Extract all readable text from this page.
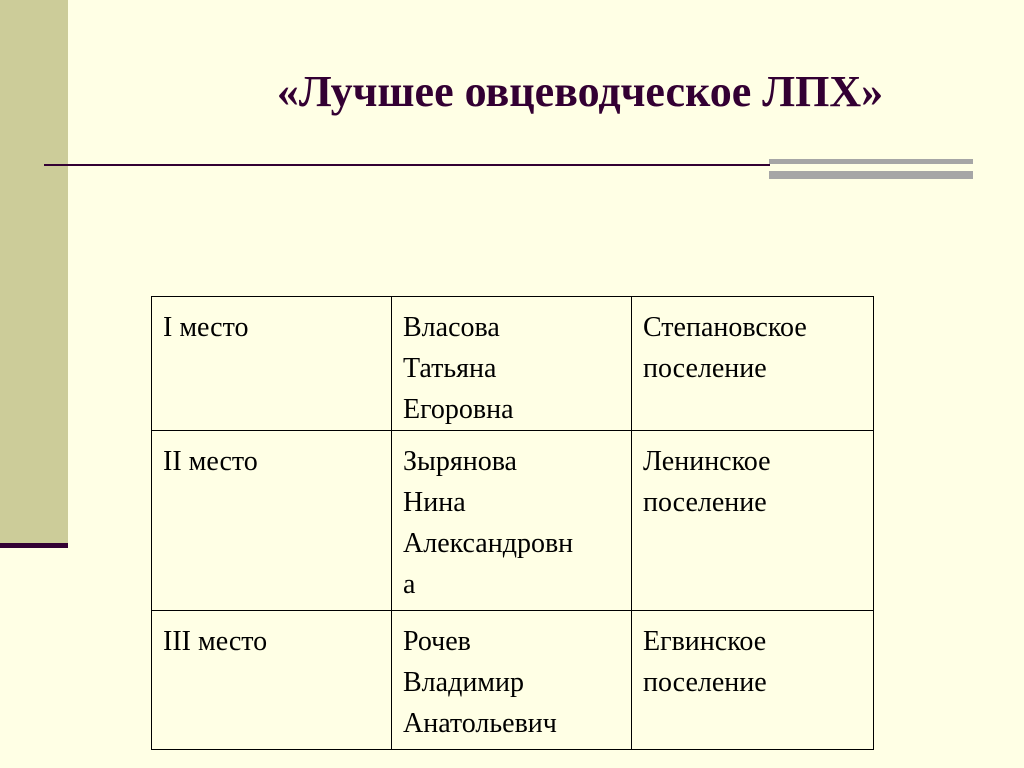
«Лучшее овцеводческое ЛПХ»
I место	Власова
Татьяна
Егоровна	Степановское
поселение

II место	Зырянова
Нина
Александровн
а	Ленинское
поселение

III место	Рочев
Владимир
Анатольевич	Егвинское
поселение
